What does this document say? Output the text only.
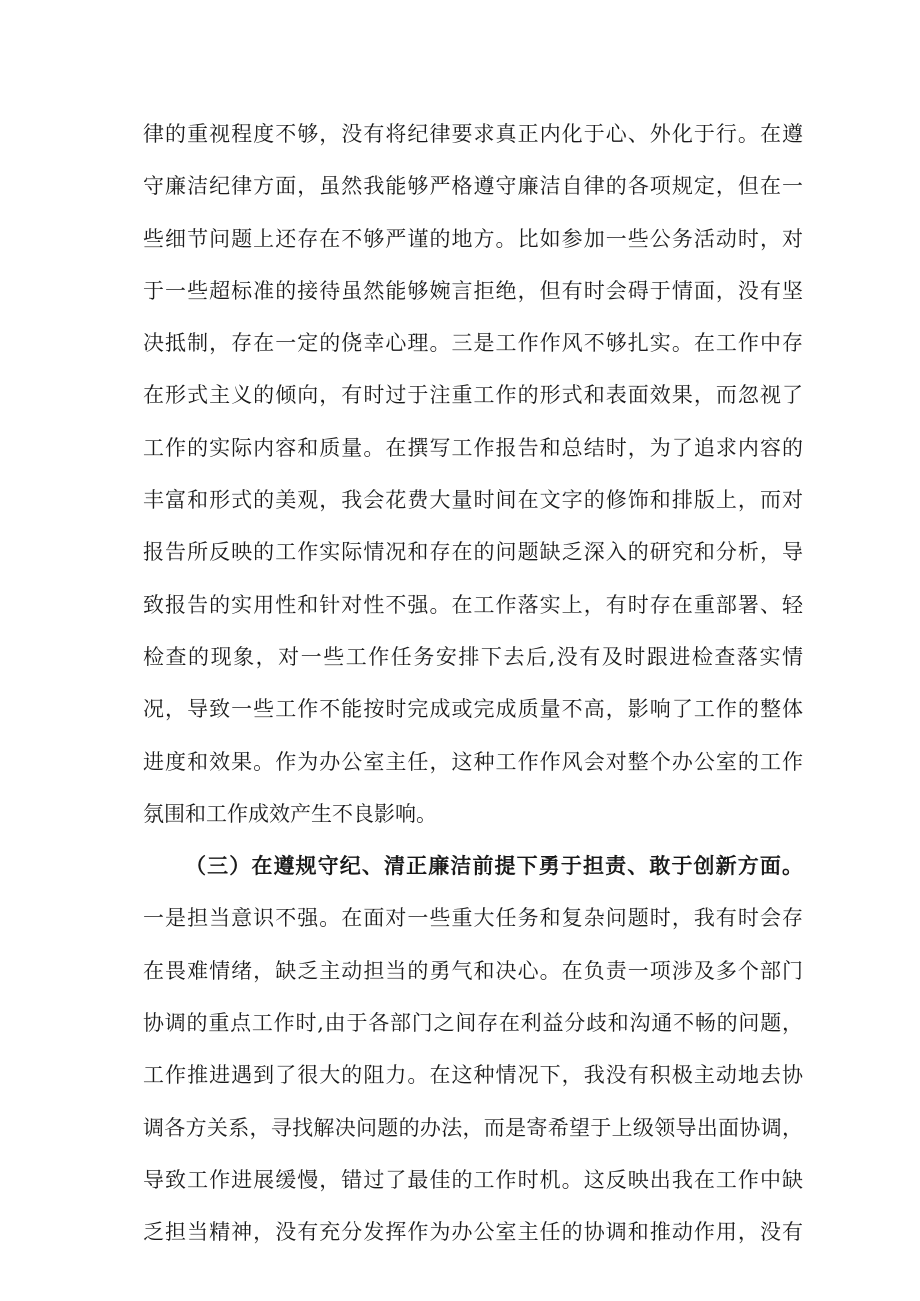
律的重视程度不够，没有将纪律要求真正内化于心、外化于行。在遵
守廉洁纪律方面，虽然我能够严格遵守廉洁自律的各项规定，但在一
些细节问题上还存在不够严谨的地方。比如参加一些公务活动时，对
于一些超标准的接待虽然能够婉言拒绝，但有时会碍于情面，没有坚
决抵制，存在一定的侥幸心理。三是工作作风不够扎实。在工作中存
在形式主义的倾向，有时过于注重工作的形式和表面效果，而忽视了
工作的实际内容和质量。在撰写工作报告和总结时，为了追求内容的
丰富和形式的美观，我会花费大量时间在文字的修饰和排版上，而对
报告所反映的工作实际情况和存在的问题缺乏深入的研究和分析，导
致报告的实用性和针对性不强。在工作落实上，有时存在重部署、轻
检查的现象，对一些工作任务安排下去后,没有及时跟进检查落实情
况，导致一些工作不能按时完成或完成质量不高，影响了工作的整体
进度和效果。作为办公室主任，这种工作作风会对整个办公室的工作
氛围和工作成效产生不良影响。
（三）在遵规守纪、清正廉洁前提下勇于担责、敢于创新方面。
一是担当意识不强。在面对一些重大任务和复杂问题时，我有时会存
在畏难情绪，缺乏主动担当的勇气和决心。在负责一项涉及多个部门
协调的重点工作时,由于各部门之间存在利益分歧和沟通不畅的问题，
工作推进遇到了很大的阻力。在这种情况下，我没有积极主动地去协
调各方关系，寻找解决问题的办法，而是寄希望于上级领导出面协调，
导致工作进展缓慢，错过了最佳的工作时机。这反映出我在工作中缺
乏担当精神，没有充分发挥作为办公室主任的协调和推动作用，没有
